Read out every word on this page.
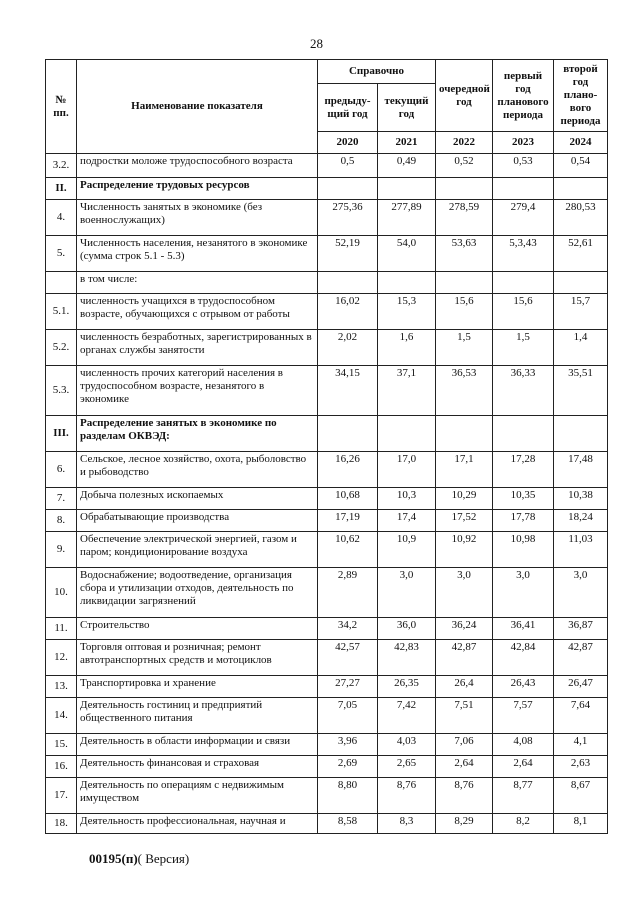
28
№ пп.	Наименование показателя	Справочно		очередной год	первый год планового периода	второй год плано-вого периода
		предыду-щий год	текущий год			
		2020	2021	2022	2023	2024
3.2.	подростки моложе трудоспособного возраста	0,5	0,49	0,52	0,53	0,54
II.	Распределение трудовых ресурсов					
4.	Численность занятых в экономике (без военнослужащих)	275,36	277,89	278,59	279,4	280,53
5.	Численность населения, незанятого в экономике (сумма строк 5.1 - 5.3)	52,19	54,0	53,63	5,3,43	52,61
	в том числе:					
5.1.	численность учащихся в трудоспособном возрасте, обучающихся с отрывом от работы	16,02	15,3	15,6	15,6	15,7
5.2.	численность безработных, зарегистрированных в органах службы занятости	2,02	1,6	1,5	1,5	1,4
5.3.	численность прочих категорий населения в трудоспособном возрасте, незанятого в экономике	34,15	37,1	36,53	36,33	35,51
III.	Распределение занятых в экономике по разделам ОКВЭД:					
6.	Сельское, лесное хозяйство, охота, рыболовство и рыбоводство	16,26	17,0	17,1	17,28	17,48
7.	Добыча полезных ископаемых	10,68	10,3	10,29	10,35	10,38
8.	Обрабатывающие производства	17,19	17,4	17,52	17,78	18,24
9.	Обеспечение электрической энергией, газом и паром; кондиционирование воздуха	10,62	10,9	10,92	10,98	11,03
10.	Водоснабжение; водоотведение, организация сбора и утилизации отходов, деятельность по ликвидации загрязнений	2,89	3,0	3,0	3,0	3,0
11.	Строительство	34,2	36,0	36,24	36,41	36,87
12.	Торговля оптовая и розничная; ремонт автотранспортных средств и мотоциклов	42,57	42,83	42,87	42,84	42,87
13.	Транспортировка и хранение	27,27	26,35	26,4	26,43	26,47
14.	Деятельность гостиниц и предприятий общественного питания	7,05	7,42	7,51	7,57	7,64
15.	Деятельность в области информации и связи	3,96	4,03	7,06	4,08	4,1
16.	Деятельность финансовая и страховая	2,69	2,65	2,64	2,64	2,63
17.	Деятельность по операциям с недвижимым имуществом	8,80	8,76	8,76	8,77	8,67
18.	Деятельность профессиональная, научная и	8,58	8,3	8,29	8,2	8,1
00195(п)( Версия)
